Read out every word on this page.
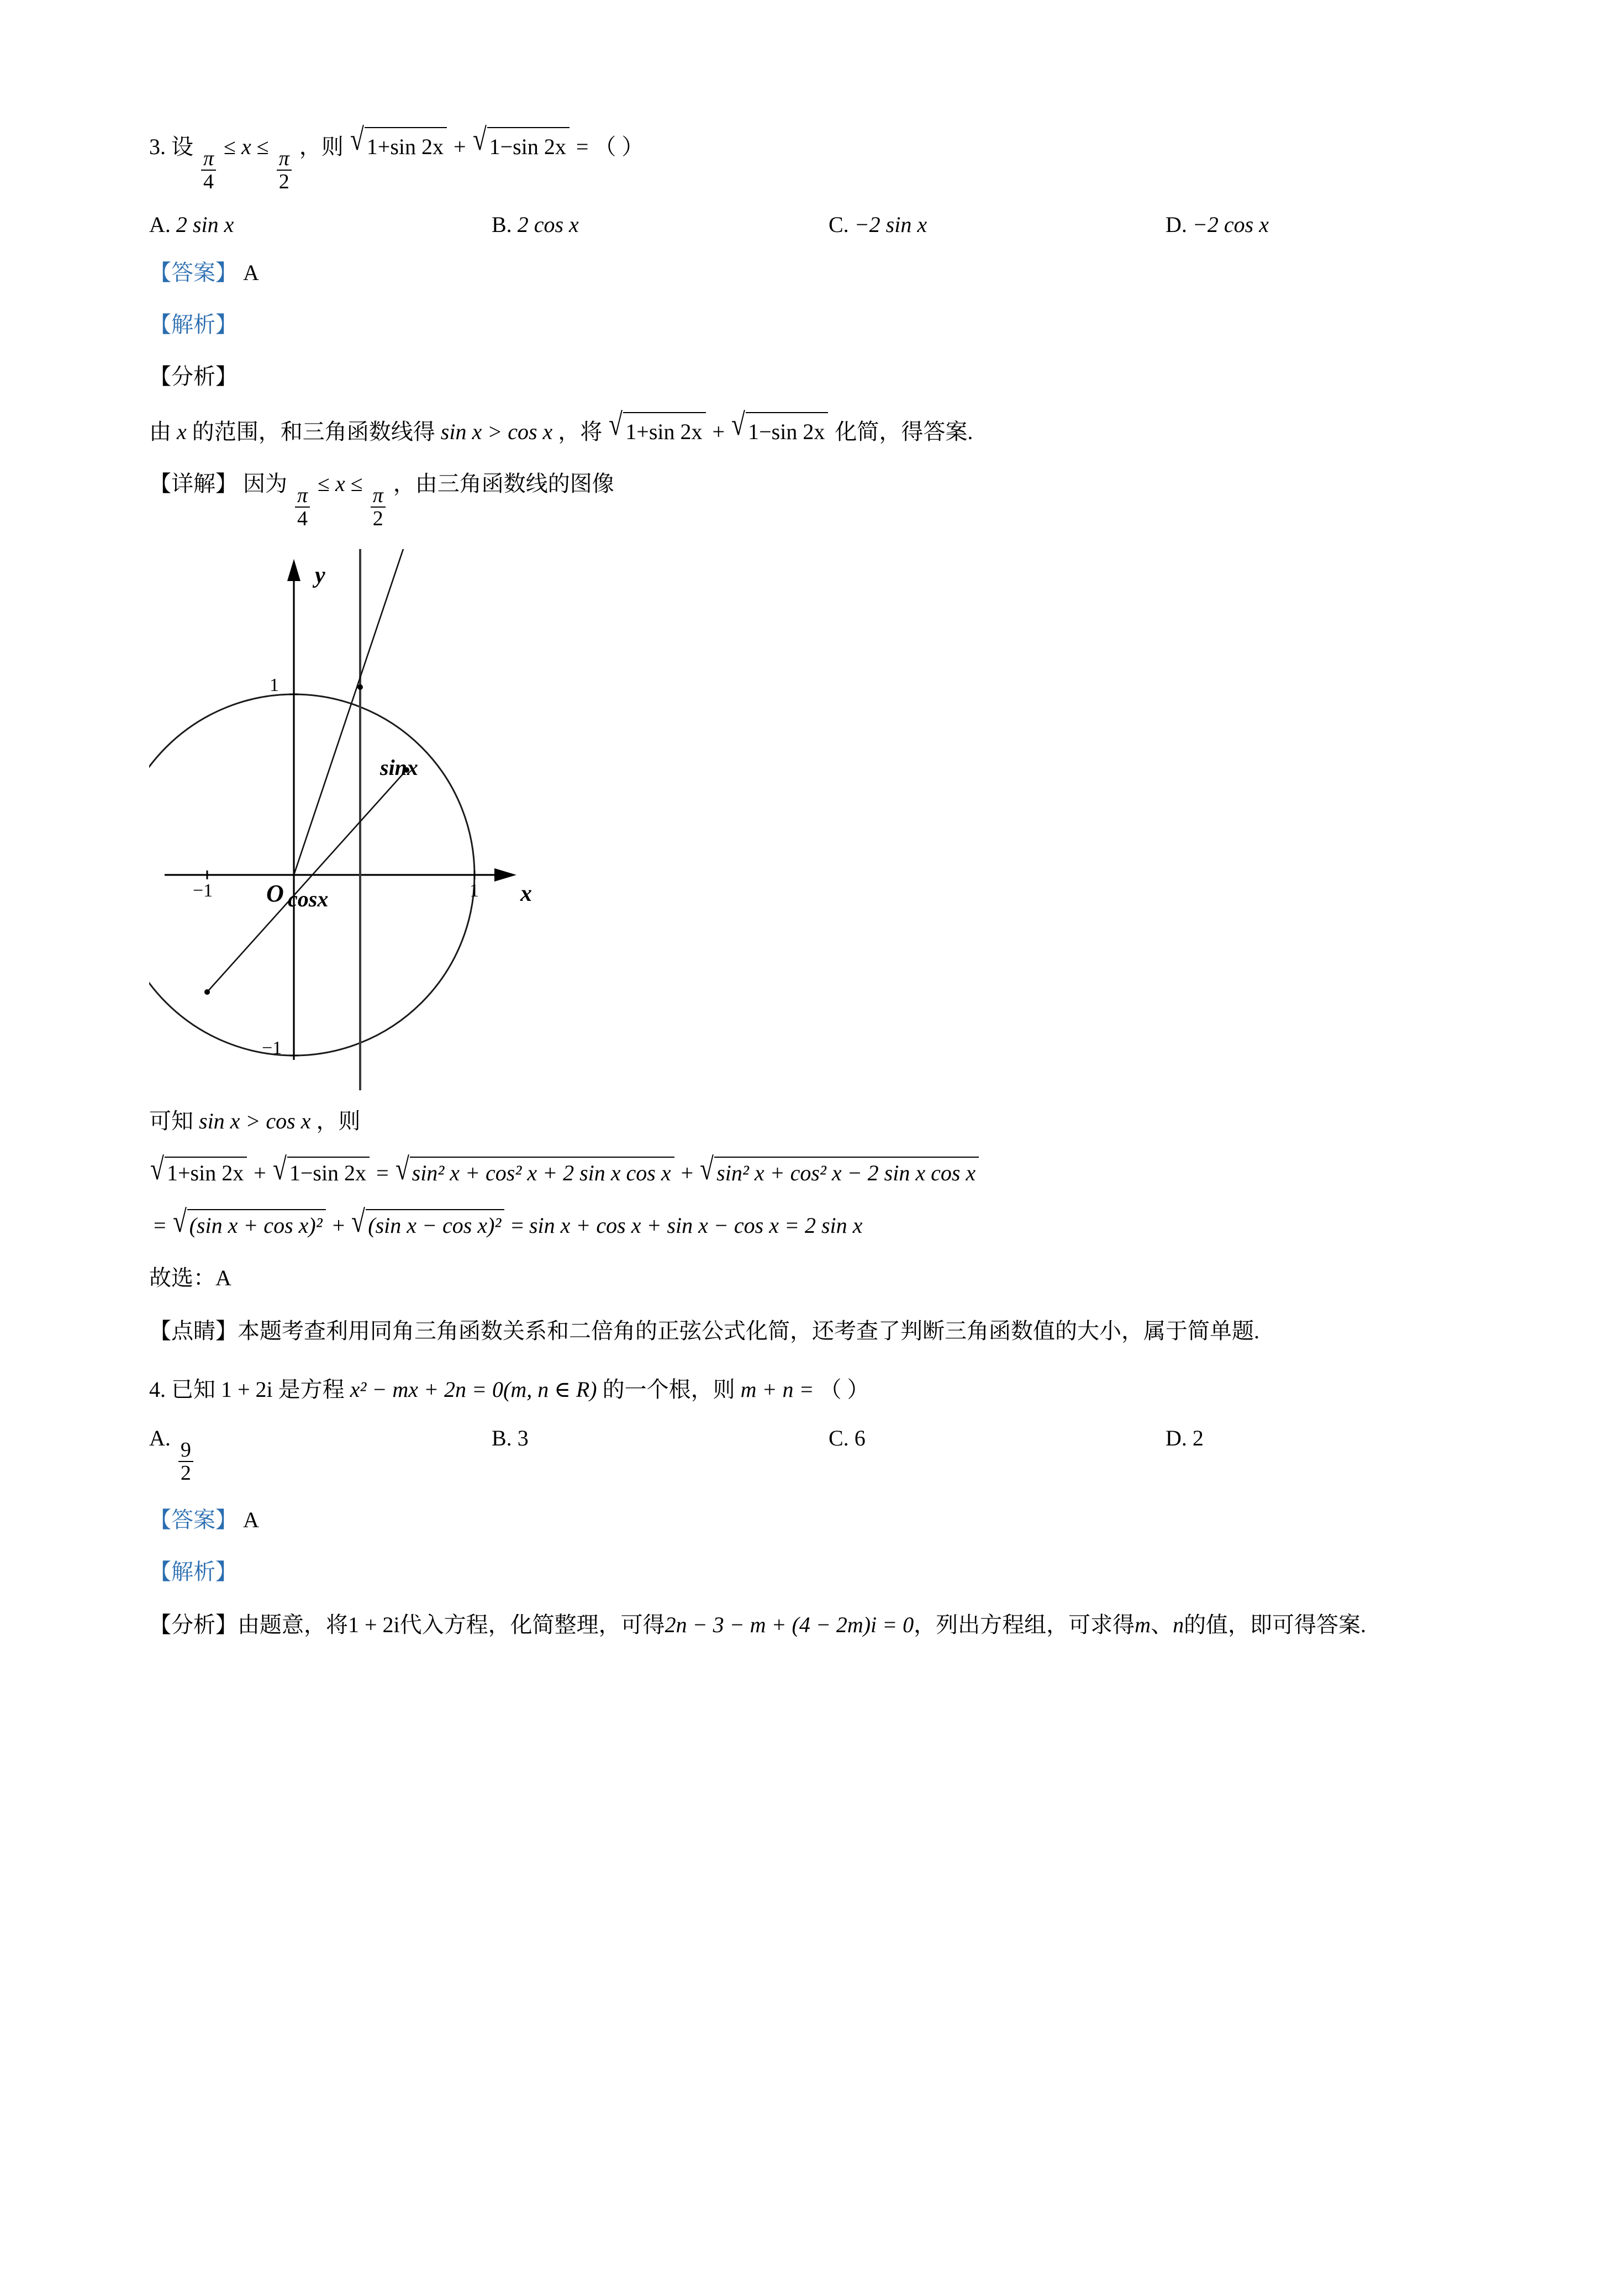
3. 设
$\frac{\pi}{4}$
≤ x ≤
$\frac{\pi}{2}$
，则 √ 1+sin 2x + √ 1−sin 2x = （ ）
A. 2 sin x	B. 2 cos x	C. −2 sin x	D. −2 cos x
【答案】 A
【解析】
【分析】
由 x 的范围，和三角函数线得 sin x > cos x ，将 √ 1+sin 2x + √ 1−sin 2x 化简，得答案.
【详解】 因为
$\frac{\pi}{4}$
≤ x ≤
$\frac{\pi}{2}$
，由三角函数线的图像
y
x
1
−1
−1	1
O cosx
sinx
可知 sin x > cos x ，则
√ 1+sin 2x + √ 1−sin 2x = √ sin² x + cos² x + 2 sin x cos x + √ sin² x + cos² x − 2 sin x cos x
= √ (sin x + cos x)² + √ (sin x − cos x)² = sin x + cos x + sin x − cos x = 2 sin x
故选：A
【点睛】本题考查利用同角三角函数关系和二倍角的正弦公式化简，还考查了判断三角函数值的大小，属于简单题.
4. 已知 1 + 2i 是方程 x² − mx + 2n = 0(m, n ∈ R) 的一个根，则 m + n = （ ）
A.
$\frac{9}{2}$
B. 3	C. 6	D. 2
【答案】 A
【解析】
【分析】由题意，将1 + 2i代入方程，化简整理，可得2n − 3 − m + (4 − 2m)i = 0，列出方程组，可求得m、n的值，即可得答案.
